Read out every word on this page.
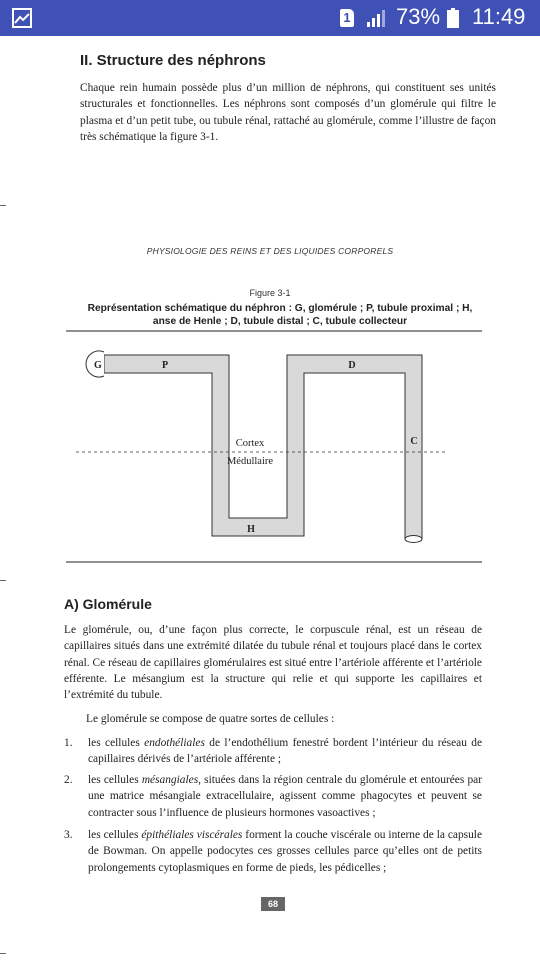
1 73% 11:49
II. Structure des néphrons

Chaque rein humain possède plus d’un million de néphrons, qui constituent ses unités structurales et fonctionnelles. Les néphrons sont composés d’un glomérule qui filtre le plasma et d’un petit tube, ou tubule rénal, rattaché au glomérule, comme l’illustre de façon très schématique la figure 3-1.

PHYSIOLOGIE DES REINS ET DES LIQUIDES CORPORELS
Figure 3-1
Représentation schématique du néphron : G, glomérule ; P, tubule proximal ; H, anse de Henle ; D, tubule distal ; C, tubule collecteur
G	P	D
C
H
Cortex
Médullaire
A) Glomérule

Le glomérule, ou, d’une façon plus correcte, le corpuscule rénal, est un réseau de capillaires situés dans une extrémité dilatée du tubule rénal et toujours placé dans le cortex rénal. Ce réseau de capillaires glomérulaires est situé entre l’artériole afférente et l’artériole efférente. Le mésangium est la structure qui relie et qui supporte les capillaires et l’extrémité du tubule.

Le glomérule se compose de quatre sortes de cellules :

1. les cellules endothéliales de l’endothélium fenestré bordent l’intérieur du réseau de capillaires dérivés de l’artériole afférente ;
2. les cellules mésangiales, situées dans la région centrale du glomérule et entourées par une matrice mésangiale extracellulaire, agissent comme phagocytes et peuvent se contracter sous l’influence de plusieurs hormones vasoactives ;
3. les cellules épithéliales viscérales forment la couche viscérale ou interne de la capsule de Bowman. On appelle podocytes ces grosses cellules parce qu’elles ont de petits prolongements cytoplasmiques en forme de pieds, les pédicelles ;
68
